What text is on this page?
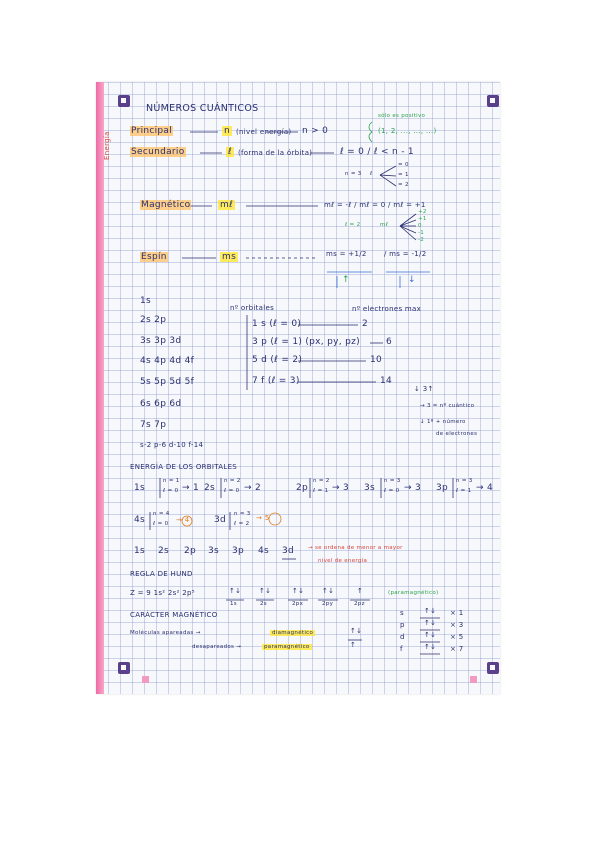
NÚMEROS CUÁNTICOS
Energía
Principal	n (nivel energía) n > 0
sólo es positivo
(1, 2, ..., ..., ...)
Secundario	ℓ (forma de la órbita)	ℓ = 0 / ℓ < n - 1
n = 3 ℓ
= 0
= 1
= 2
Magnético	mℓ	mℓ = -ℓ / mℓ = 0 / mℓ = +1
ℓ = 2	mℓ
+2
+1
0
-1
-2
Espín	ms	ms = +1/2 / ms = -1/2
↑	↓
1s
2s 2p
3s 3p 3d
4s 4p 4d 4f
5s 5p 5d 5f
6s 6p 6d
7s 7p
s-2 p-6 d-10 f-14
nº orbitales	nº electrones max
1 s (ℓ = 0)	2
3 p (ℓ = 1) (px, py, pz)	6
5 d (ℓ = 2)	10
7 f (ℓ = 3)	14
↓ 3↑
→ 3 = nº cuántico
↓ 1º + número
de electrones
ENERGÍA DE LOS ORBITALES
1s
n = 1
ℓ = 0 → 1 2s
n = 2
ℓ = 0 → 2	2p
n = 2
ℓ = 1 → 3 3s
n = 3
ℓ = 0 → 3 3p
n = 3
ℓ = 1 → 4
4s
n = 4
ℓ = 0 → 4	3d
n = 3
ℓ = 2
→ 5
1s 2s 2p 3s 3p 4s 3d	→ se ordena de menor a mayor
nivel de energía
REGLA DE HUND
Z = 9 1s² 2s² 2p⁵	↑↓
1s
↑↓
2s
↑↓
2px
↑↓
2py
↑
2pz
(paramagnético)
s	↑↓ × 1
p	↑↓ × 3
d	↑↓ × 5
f	↑↓ × 7
CARÁCTER MAGNÉTICO
Moléculas apareadas →	diamagnético	↑↓
desapareados →	paramagnético	↑
